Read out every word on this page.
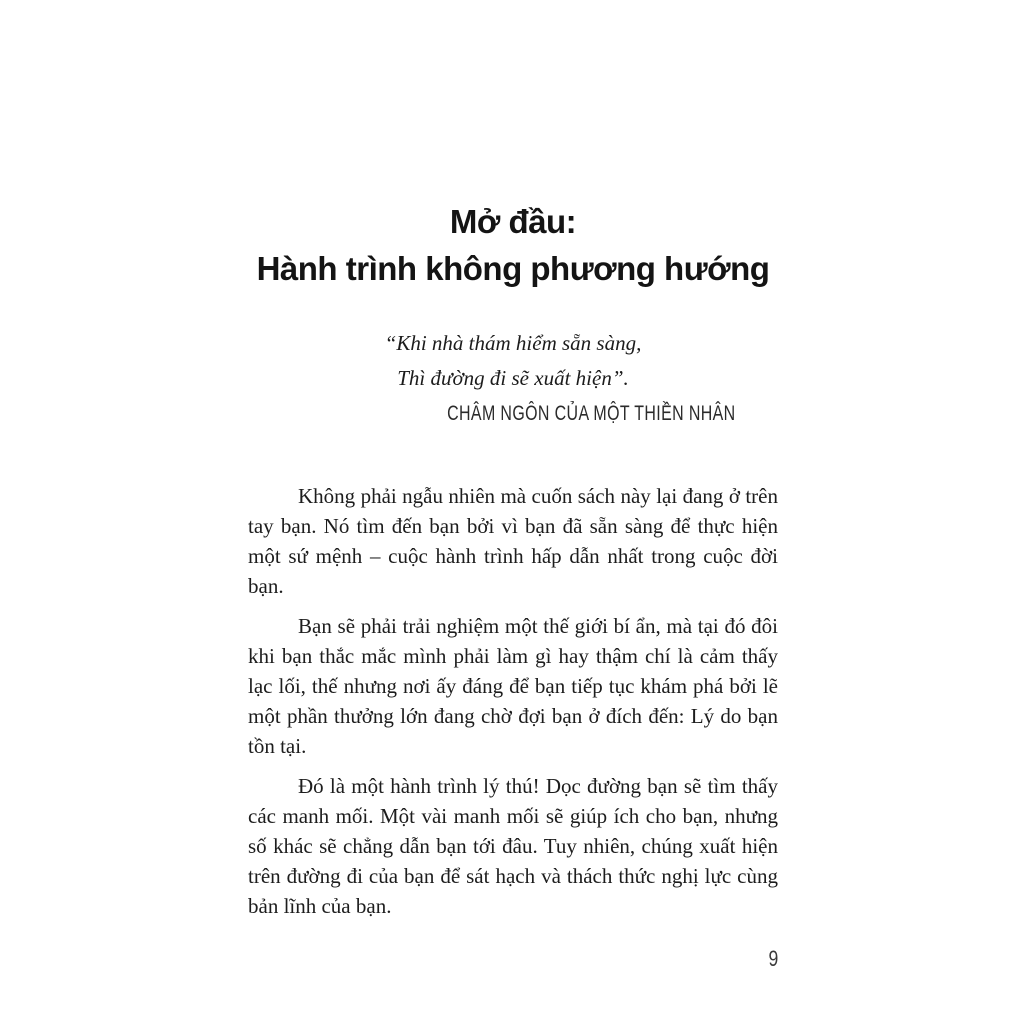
Mở đầu:
Hành trình không phương hướng
“Khi nhà thám hiểm sẵn sàng,
Thì đường đi sẽ xuất hiện”.
CHÂM NGÔN CỦA MỘT THIỀN NHÂN

Không phải ngẫu nhiên mà cuốn sách này lại đang ở trên tay bạn. Nó tìm đến bạn bởi vì bạn đã sẵn sàng để thực hiện một sứ mệnh – cuộc hành trình hấp dẫn nhất trong cuộc đời bạn.

Bạn sẽ phải trải nghiệm một thế giới bí ẩn, mà tại đó đôi khi bạn thắc mắc mình phải làm gì hay thậm chí là cảm thấy lạc lối, thế nhưng nơi ấy đáng để bạn tiếp tục khám phá bởi lẽ một phần thưởng lớn đang chờ đợi bạn ở đích đến: Lý do bạn tồn tại.

Đó là một hành trình lý thú! Dọc đường bạn sẽ tìm thấy các manh mối. Một vài manh mối sẽ giúp ích cho bạn, nhưng số khác sẽ chẳng dẫn bạn tới đâu. Tuy nhiên, chúng xuất hiện trên đường đi của bạn để sát hạch và thách thức nghị lực cùng bản lĩnh của bạn.

9
